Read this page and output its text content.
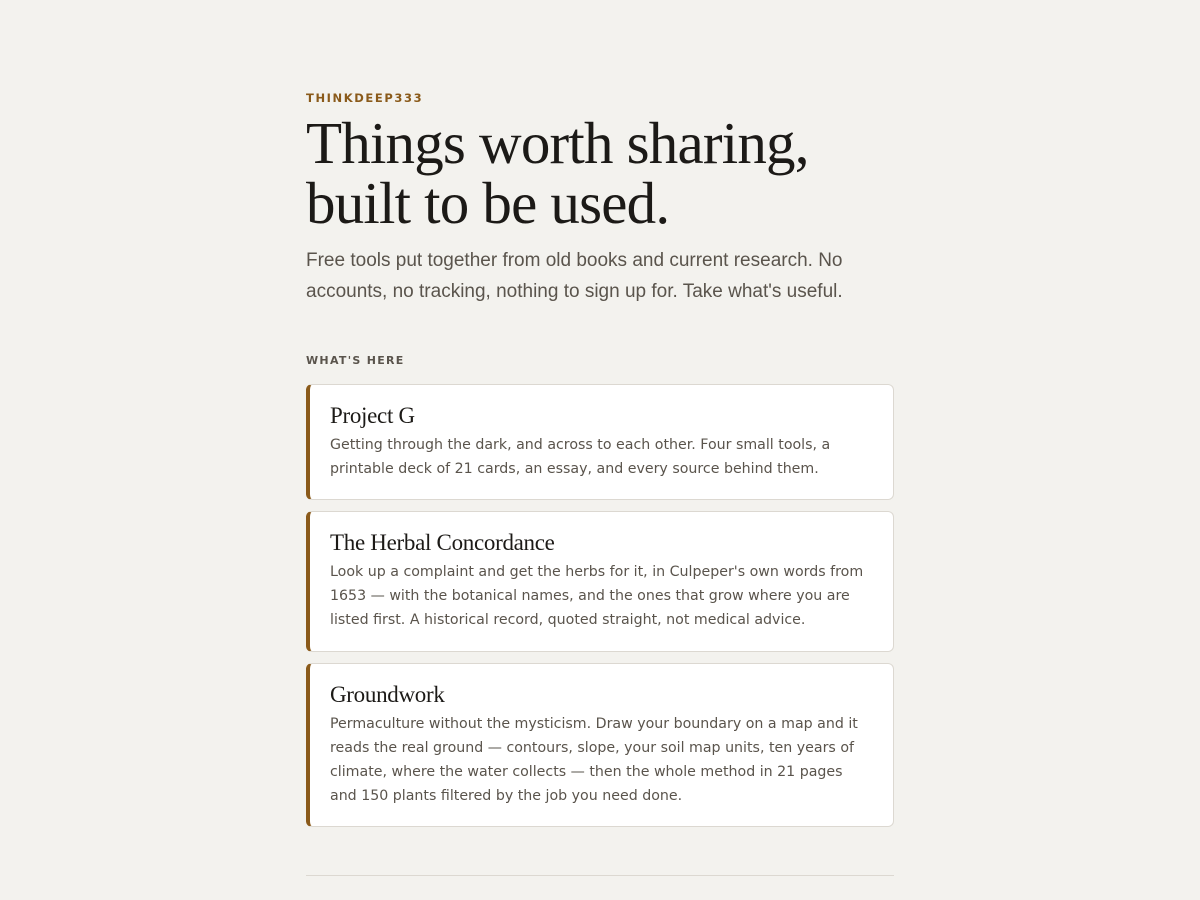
THINKDEEP333
Things worth sharing,
built to be used.

Free tools put together from old books and current research. No accounts, no tracking, nothing to sign up for. Take what's useful.

WHAT'S HERE
Project G

Getting through the dark, and across to each other. Four small tools, a printable deck of 21 cards, an essay, and every source behind them.

The Herbal Concordance

Look up a complaint and get the herbs for it, in Culpeper's own words from 1653 — with the botanical names, and the ones that grow where you are listed first. A historical record, quoted straight, not medical advice.

Groundwork

Permaculture without the mysticism. Draw your boundary on a map and it reads the real ground — contours, slope, your soil map units, ten years of climate, where the water collects — then the whole method in 21 pages and 150 plants filtered by the job you need done.
